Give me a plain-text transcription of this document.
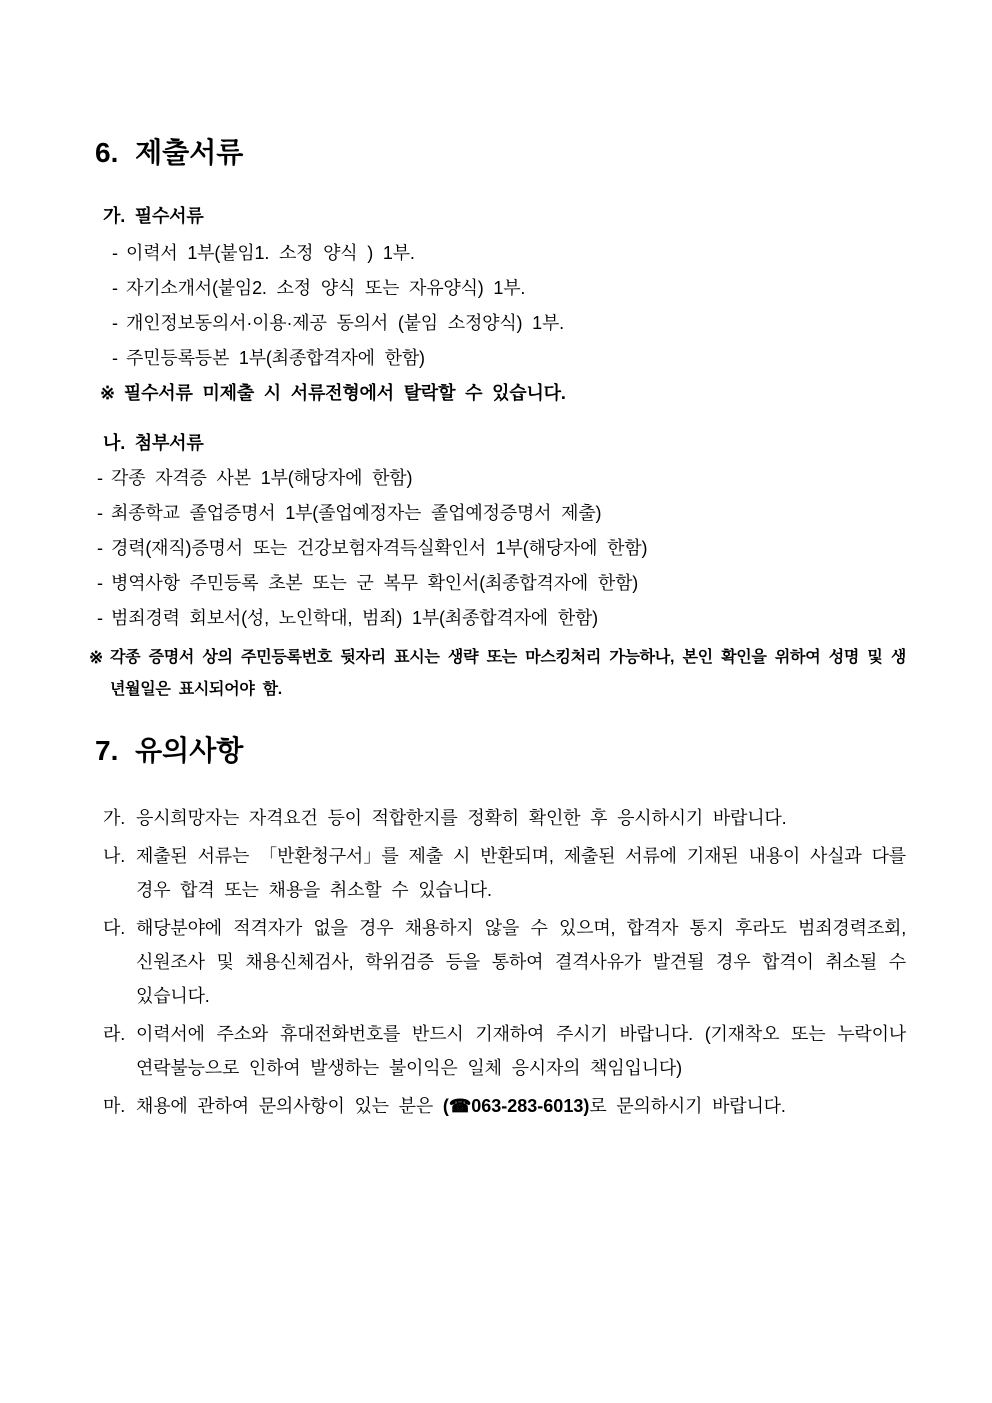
6. 제출서류
가. 필수서류
- 이력서 1부(붙임1. 소정 양식 ) 1부.
- 자기소개서(붙임2. 소정 양식 또는 자유양식) 1부.
- 개인정보동의서·이용·제공 동의서 (붙임 소정양식) 1부.
- 주민등록등본 1부(최종합격자에 한함)
※ 필수서류 미제출 시 서류전형에서 탈락할 수 있습니다.
나. 첨부서류
- 각종 자격증 사본 1부(해당자에 한함)
- 최종학교 졸업증명서 1부(졸업예정자는 졸업예정증명서 제출)
- 경력(재직)증명서 또는 건강보험자격득실확인서 1부(해당자에 한함)
- 병역사항 주민등록 초본 또는 군 복무 확인서(최종합격자에 한함)
- 범죄경력 회보서(성, 노인학대, 범죄) 1부(최종합격자에 한함)
※ 각종 증명서 상의 주민등록번호 뒷자리 표시는 생략 또는 마스킹처리 가능하나, 본인 확인을 위하여 성명 및 생년월일은 표시되어야 함.
7. 유의사항
가. 응시희망자는 자격요건 등이 적합한지를 정확히 확인한 후 응시하시기 바랍니다.
나. 제출된 서류는 「반환청구서」를 제출 시 반환되며, 제출된 서류에 기재된 내용이 사실과 다를 경우 합격 또는 채용을 취소할 수 있습니다.
다. 해당분야에 적격자가 없을 경우 채용하지 않을 수 있으며, 합격자 통지 후라도 범죄경력조회, 신원조사 및 채용신체검사, 학위검증 등을 통하여 결격사유가 발견될 경우 합격이 취소될 수 있습니다.
라. 이력서에 주소와 휴대전화번호를 반드시 기재하여 주시기 바랍니다. (기재착오 또는 누락이나 연락불능으로 인하여 발생하는 불이익은 일체 응시자의 책임입니다)
마. 채용에 관하여 문의사항이 있는 분은 (☎063-283-6013)로 문의하시기 바랍니다.
